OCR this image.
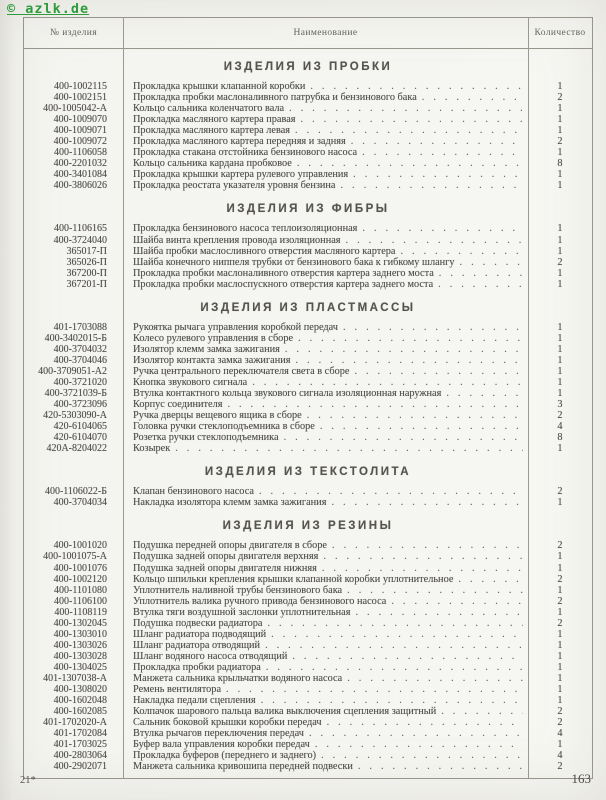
© azlk.de
№ изделия	Наименование	Количество
ИЗДЕЛИЯ ИЗ ПРОБКИ
400-1002115	Прокладка крышки клапанной коробки . . .	1
400-1002151	Прокладка пробки маслоналивного патрубка и бензинового бака . . .	2
400-1005042-А	Кольцо сальника коленчатого вала . . .	1
400-1009070	Прокладка масляного картера правая . . .	1
400-1009071	Прокладка масляного картера левая . . .	1
400-1009072	Прокладка масляного картера передняя и задняя . . .	2
400-1106058	Прокладка стакана отстойника бензинового насоса . . .	1
400-2201032	Кольцо сальника кардана пробковое . . .	8
400-3401084	Прокладка крышки картера рулевого управления . . .	1
400-3806026	Прокладка реостата указателя уровня бензина . . .	1
ИЗДЕЛИЯ ИЗ ФИБРЫ
400-1106165	Прокладка бензинового насоса теплоизоляционная . . .	1
400-3724040	Шайба винта крепления провода изоляционная . . .	1
365017-П	Шайба пробки маслосливного отверстия масляного картера . . .	1
365026-П	Шайба конечного ниппеля трубки от бензинового бака к гибкому шлангу . . .	2
367200-П	Прокладка пробки маслоналивного отверстия картера заднего моста . . .	1
367201-П	Прокладка пробки маслоспускного отверстия картера заднего моста . . .	1
ИЗДЕЛИЯ ИЗ ПЛАСТМАССЫ
401-1703088	Рукоятка рычага управления коробкой передач . . .	1
400-3402015-Б	Колесо рулевого управления в сборе . . .	1
400-3704032	Изолятор клемм замка зажигания . . .	1
400-3704046	Изолятор контакта замка зажигания . . .	1
400-3709051-А2	Ручка центрального переключателя света в сборе . . .	1
400-3721020	Кнопка звукового сигнала . . .	1
400-3721039-Б	Втулка контактного кольца звукового сигнала изоляционная наружная . . .	1
400-3723096	Корпус соединителя . . .	3
420-5303090-А	Ручка дверцы вещевого ящика в сборе . . .	2
420-6104065	Головка ручки стеклоподъемника в сборе . . .	4
420-6104070	Розетка ручки стеклоподъемника . . .	8
420А-8204022	Козырек . . .	1
ИЗДЕЛИЯ ИЗ ТЕКСТОЛИТА
400-1106022-Б	Клапан бензинового насоса . . .	2
400-3704034	Накладка изолятора клемм замка зажигания . . .	1
ИЗДЕЛИЯ ИЗ РЕЗИНЫ
400-1001020	Подушка передней опоры двигателя в сборе . . .	2
400-1001075-А	Подушка задней опоры двигателя верхняя . . .	1
400-1001076	Подушка задней опоры двигателя нижняя . . .	1
400-1002120	Кольцо шпильки крепления крышки клапанной коробки уплотнительное . . .	2
400-1101080	Уплотнитель наливной трубы бензинового бака . . .	1
400-1106100	Уплотнитель валика ручного привода бензинового насоса . . .	2
400-1108119	Втулка тяги воздушной заслонки уплотнительная . . .	1
400-1302045	Подушка подвески радиатора . . .	2
400-1303010	Шланг радиатора подводящий . . .	1
400-1303026	Шланг радиатора отводящий . . .	1
400-1303028	Шланг водяного насоса отводящий . . .	1
400-1304025	Прокладка пробки радиатора . . .	1
401-1307038-А	Манжета сальника крыльчатки водяного насоса . . .	1
400-1308020	Ремень вентилятора . . .	1
400-1602048	Накладка педали сцепления . . .	1
400-1602085	Колпачок шарового пальца валика выключения сцепления защитный . . .	2
401-1702020-А	Сальник боковой крышки коробки передач . . .	2
401-1702084	Втулка рычагов переключения передач . . .	4
401-1703025	Буфер вала управления коробки передач . . .	1
400-2803064	Прокладка буферов (переднего и заднего) . . .	4
400-2902071	Манжета сальника кривошипа передней подвески . . .	2
21*	163
